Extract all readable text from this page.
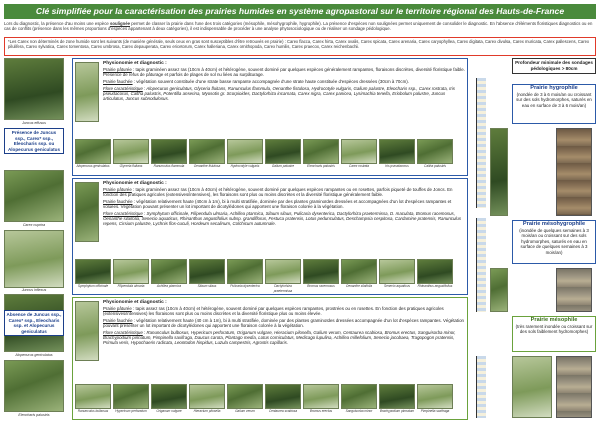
Clé simplifiée pour la caractérisation des prairies humides en système agropastoral sur le territoire régional des Hauts-de-France
Lors du diagnostic, la présence d'au moins une espèce soulignée permet de classer la prairie dans l'une des trois catégories (mésophile, mésohygrophile, hygrophile). La présence d'espèces non soulignées permet uniquement de consolider le diagnostic. En l'absence d'éléments floristiques diagnostics ou en cas de conflits (présence dans les mêmes proportions d'espèces appartenant à deux catégories), il est indispensable de procéder à une analyse phytosociologique ou de réaliser un sondage pédologique.
*Les Carex non déterminés de zone humide sont les suivants (de manière générale, seuls ceux en gras sont susceptibles d'être retrouvés en prairie) : Carex flacca, Carex hirta, Carex ovalis, Carex spicata, Carex arenaria, Carex caryophyllea, Carex digitata, Carex divulsa, Carex muricata, Carex pallescens, Carex pilulifera, Carex sylvatica, Carex tomentosa, Carex umbrosa, Carex depauperata, Carex ericetorum, Carex halleriana, Carex ornithopoda, Carex humilis, Carex praecox, Carex reichenbachii.
Juncus effusus
Présence de Juncus ssp., Carex* ssp., Eleocharis ssp. ou Alopecurus geniculatus
Carex cuprina
Juncus inflexus
Alopecurus geniculatus
Absence de Juncus ssp., Carex* ssp., Eleocharis ssp. et Alopecurus geniculatus
Eleocharis palustris
Physionomie et diagnostic :
Prairie pâturée : tapis graminéen assez ras (10cm à 40cm) et hétérogène, souvent dominé par quelques espèces généralement rampantes, floraisons discrètes, diversité floristique faible. Présence de refus de pâturage et parfois de plages de sol nu liées au surpâturage.
Prairie fauchée : végétation souvent constituée d'une strate basse rampante accompagnée d'une strate haute constituée d'espèces dressées (30cm à 70cm).
Flore caractéristique : Alopecurus geniculatus, Glyceria fluitans, Ranunculus flammula, Oenanthe fistulosa, Hydrocotyle vulgaris, Galium palustre, Eleocharis ssp., Carex rostrata, Iris pseudacorus, Caltha palustris, Potentilla anserina, Myosotis gr. Scorpioides, Dactylorhiza incarnata, Carex nigra, Carex panicea, Lysimachia tenella, Eriobolum palustre, Juncus articulatus, Juncus subnodulosus.
Alopecurus geniculatus	Glyceria fluitans	Ranunculus flammula	Oenanthe fistulosa	Hydrocotyle vulgaris	Galium palustre	Eleocharis palustris	Carex rostrata	Iris pseudacorus	Caltha palustris
Physionomie et diagnostic :
Prairie pâturée : tapis graminéen assez ras (10cm à 40cm) et hétérogène, souvent dominé par quelques espèces rampantes ou en rosettes, parfois piqueté de touffes de Joncs. En fonction des pratiques agricoles (extensives/intensives), les floraisons sont plus ou moins discrètes et la diversité floristique généralement faible.
Prairie fauchée : végétation relativement haute (40cm à 1m), bi à multi stratifiée, dominée par des plantes graminoïdes dressées et accompagnées d'un lot d'espèces rampantes et voluées. Végétation pouvant présenter un lot important de dicotylédones qui apportent une floraison colorée à la végétation.
Flore caractéristique : Symphytum officinale, Filipendula ulmaria, Achillea ptarmica, Silaum silaus, Pulicaria dysenterica, Dactylorhiza praetermissa, D. maculata, Bromus racemosus, Oenanthe silaifolia, Senecio aquaticus, Rhinanthus angustifolius subsp. grandiflorus, Festuca pratensis, Lotus pedunculatus, Deschampsia cespitosa, Cardamine pratensis, Ranunculus repens, Cirsium palustre, Lychnis flos-cuculi, Hordeum secalinum, Colchicum autumnale.
Symphytum officinale	Filipendula ulmaria	Achillea ptarmica	Silaum silaus	Pulicaria dysenterica	Dactylorhiza praetermissa
Bromus racemosus	Oenanthe silaifolia	Senecio aquaticus	Rhinanthus angustifolius
Physionomie et diagnostic :
Prairie pâturée : tapis assez ras (10cm à 40cm) et hétérogène, souvent dominé par quelques espèces rampantes, prostrées ou en rosettes. En fonction des pratiques agricoles (extensives/intensives) les floraisons sont plus ou moins discrètes et la diversité floristique plus ou moins élevée.
Prairie fauchée : végétation relativement haute (40 cm à 1m), bi à multi stratifiée, dominée par des plantes graminoïdes dressées accompagnée d'un lot d'espèces rampantes. Végétation pouvant présenter un lot important de dicotylédones qui apportent une floraison colorée à la végétation.
Flore caractéristique : Ranunculus bulbosus, Hypericum perforatum, Origanum vulgare, Hieracium pilosella, Galium verum, Centaurea scabiosa, Bromus erectus, Sanguisorba minor, Brachypodium pinnatum, Pimpinella saxifraga, Daucus carota, Plantago media, Lotus corniculatus, Medicago lupulina, Achillea millefolium, Senecio jacobaea, Tragopogon pratensis, Primula veris, Hypochaeris radicata, Leontodon hispidus, Luzula campestris, Agrostis capillaris.
Ranunculus bulbosus	Hypericum perforatum	Origanum vulgare	Hieracium pilosella	Galium verum	Centaurea scabiosa	Bromus erectus	Sanguisorba minor	Brachypodium pinnatum	Pimpinella saxifraga
Profondeur minimale des sondages pédologiques > 80cm
Prairie hygrophile
(nondée de 3 à 6 mois/an ou croissant sur des sols hydromorphes, saturés en eau en surface de 3 à 6 mois/an)
Prairie mésohygrophile
(inondée de quelques semaines à 3 mois/an ou croissant sur des sols hydromorphes, saturés en eau en surface de quelques semaines à 3 mois/an)
Prairie mésophile
(très rarement inondée ou croissant sur des sols faiblement hydromorphes)
